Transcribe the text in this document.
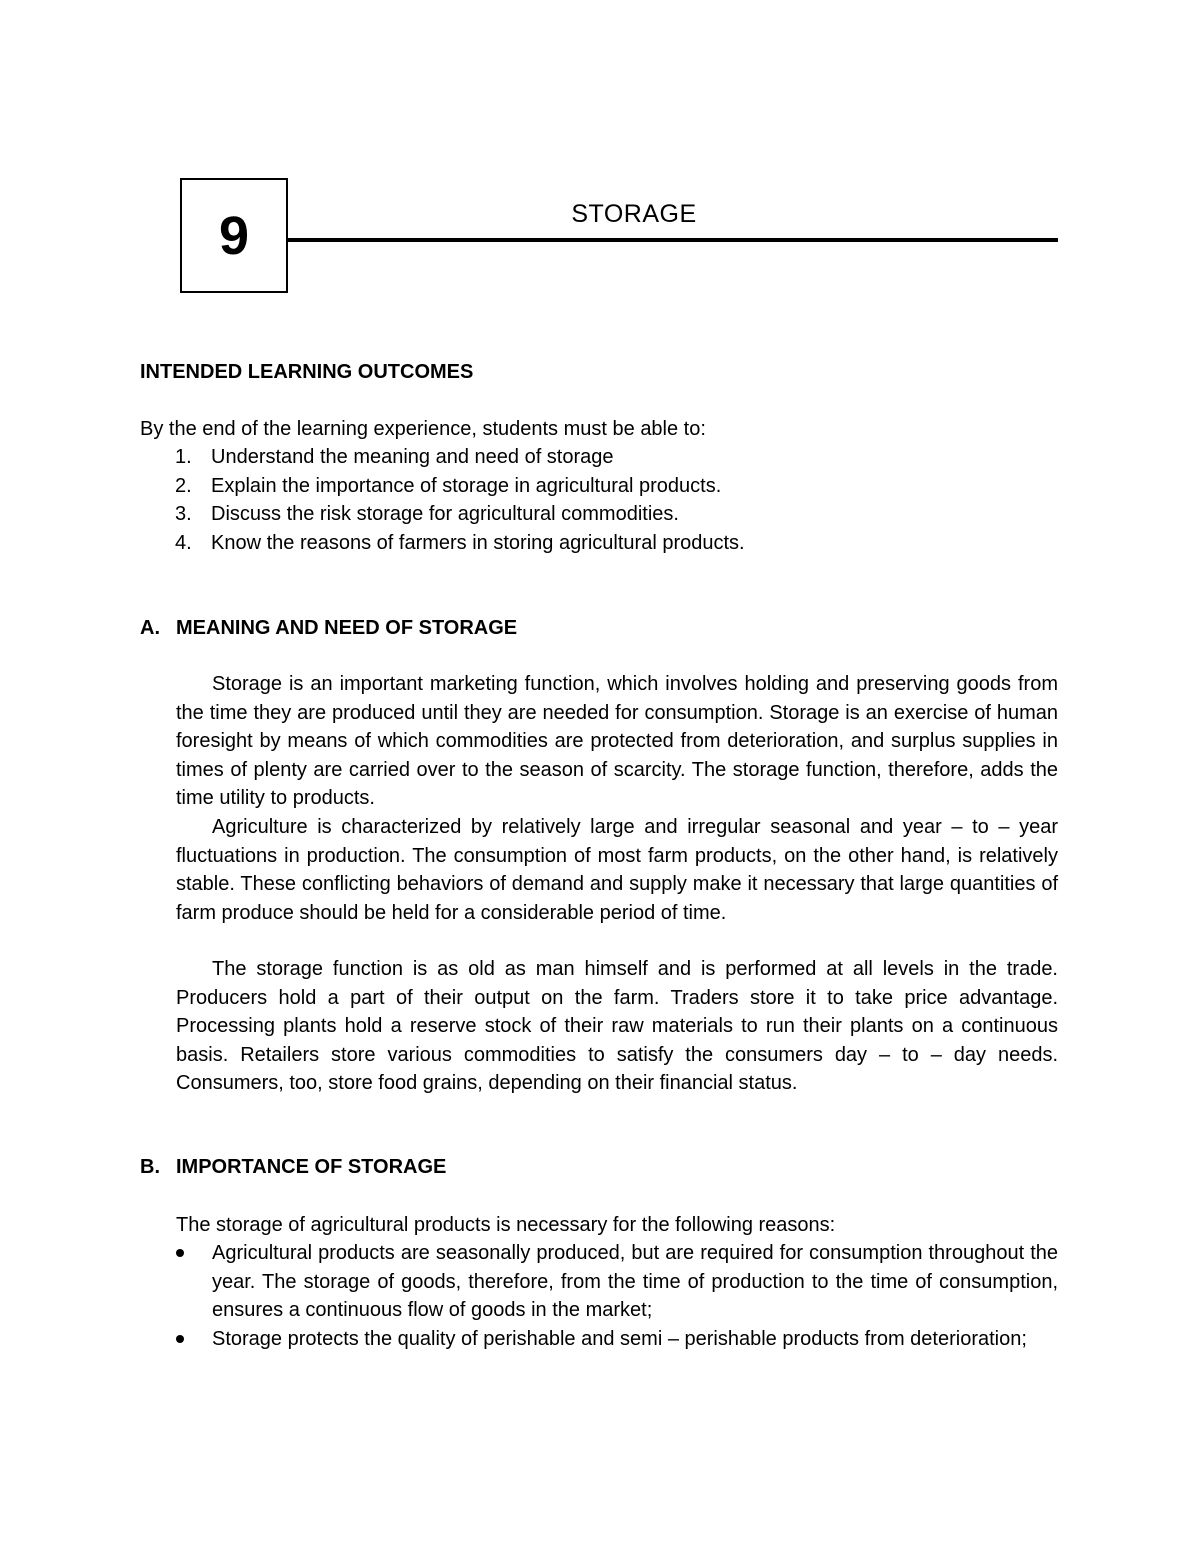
9	STORAGE
INTENDED LEARNING OUTCOMES
By the end of the learning experience, students must be able to:
1. Understand the meaning and need of storage
2. Explain the importance of storage in agricultural products.
3. Discuss the risk storage for agricultural commodities.
4. Know the reasons of farmers in storing agricultural products.
A. MEANING AND NEED OF STORAGE

Storage is an important marketing function, which involves holding and preserving goods from the time they are produced until they are needed for consumption. Storage is an exercise of human foresight by means of which commodities are protected from deterioration, and surplus supplies in times of plenty are carried over to the season of scarcity. The storage function, therefore, adds the time utility to products.

Agriculture is characterized by relatively large and irregular seasonal and year – to – year fluctuations in production. The consumption of most farm products, on the other hand, is relatively stable. These conflicting behaviors of demand and supply make it necessary that large quantities of farm produce should be held for a considerable period of time.

The storage function is as old as man himself and is performed at all levels in the trade. Producers hold a part of their output on the farm. Traders store it to take price advantage. Processing plants hold a reserve stock of their raw materials to run their plants on a continuous basis. Retailers store various commodities to satisfy the consumers day – to – day needs. Consumers, too, store food grains, depending on their financial status.

B. IMPORTANCE OF STORAGE
The storage of agricultural products is necessary for the following reasons:
Agricultural products are seasonally produced, but are required for consumption throughout the year. The storage of goods, therefore, from the time of production to the time of consumption, ensures a continuous flow of goods in the market;
Storage protects the quality of perishable and semi – perishable products from deterioration;
